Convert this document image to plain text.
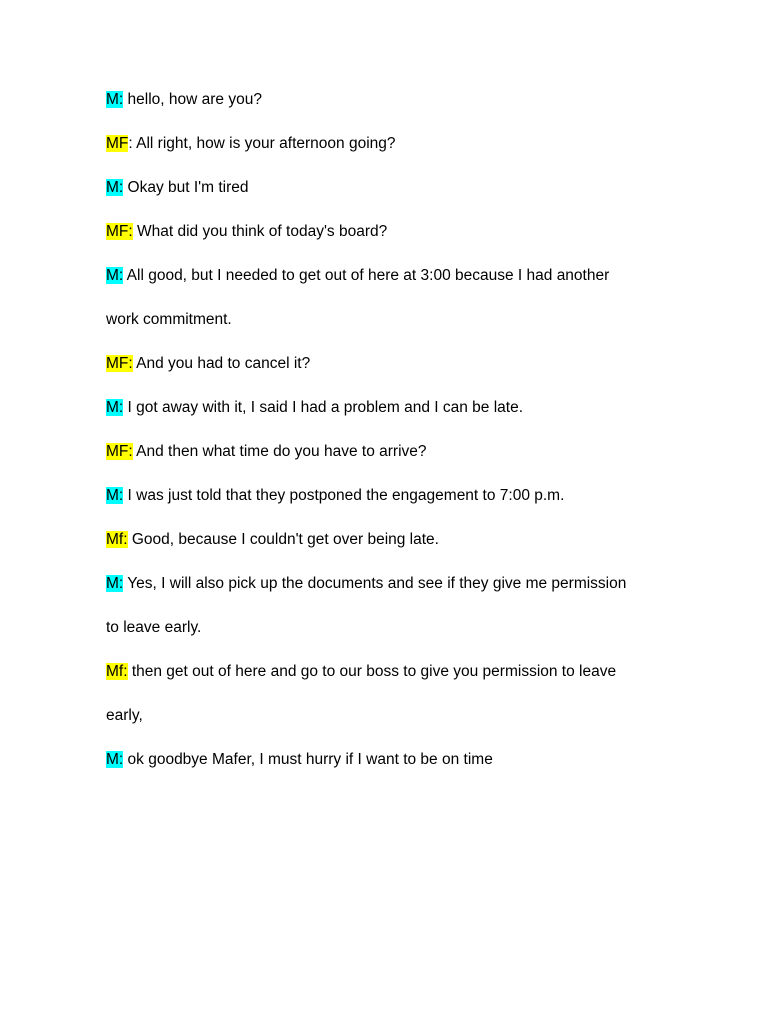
M: hello, how are you?
MF: All right, how is your afternoon going?
M: Okay but I'm tired
MF: What did you think of today's board?
M: All good, but I needed to get out of here at 3:00 because I had another
work commitment.
MF: And you had to cancel it?
M: I got away with it, I said I had a problem and I can be late.
MF: And then what time do you have to arrive?
M: I was just told that they postponed the engagement to 7:00 p.m.
Mf: Good, because I couldn't get over being late.
M: Yes, I will also pick up the documents and see if they give me permission
to leave early.
Mf: then get out of here and go to our boss to give you permission to leave
early,
M: ok goodbye Mafer, I must hurry if I want to be on time
